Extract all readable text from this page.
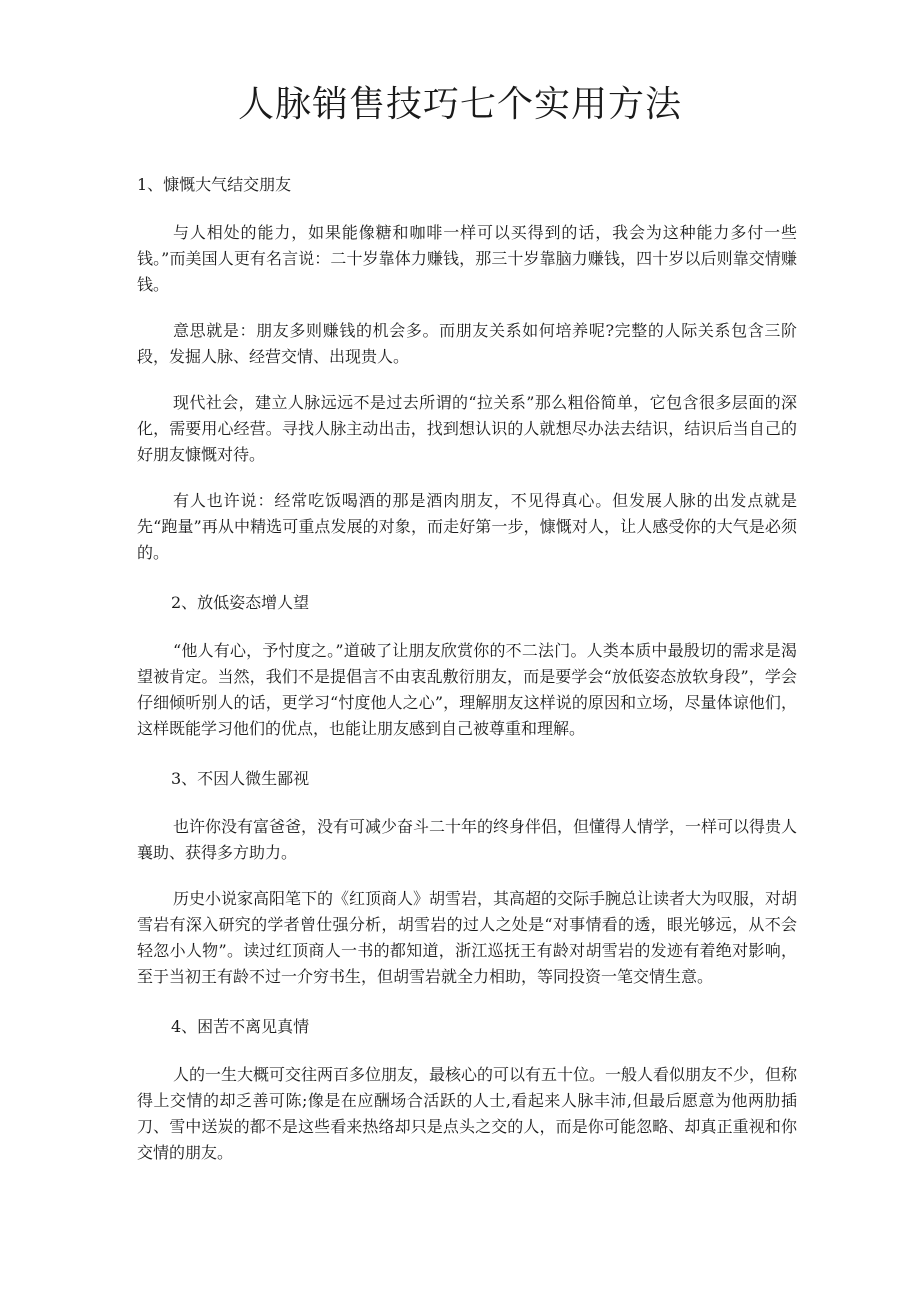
人脉销售技巧七个实用方法

1、慷慨大气结交朋友

与人相处的能力，如果能像糖和咖啡一样可以买得到的话，我会为这种能力多付一些钱。”而美国人更有名言说：二十岁靠体力赚钱，那三十岁靠脑力赚钱，四十岁以后则靠交情赚钱。

意思就是：朋友多则赚钱的机会多。而朋友关系如何培养呢?完整的人际关系包含三阶段，发掘人脉、经营交情、出现贵人。

现代社会，建立人脉远远不是过去所谓的“拉关系”那么粗俗简单，它包含很多层面的深化，需要用心经营。寻找人脉主动出击，找到想认识的人就想尽办法去结识，结识后当自己的好朋友慷慨对待。

有人也许说：经常吃饭喝酒的那是酒肉朋友，不见得真心。但发展人脉的出发点就是先“跑量”再从中精选可重点发展的对象，而走好第一步，慷慨对人，让人感受你的大气是必须的。

2、放低姿态增人望

“他人有心，予忖度之。”道破了让朋友欣赏你的不二法门。人类本质中最殷切的需求是渴望被肯定。当然，我们不是提倡言不由衷乱敷衍朋友，而是要学会“放低姿态放软身段”，学会仔细倾听别人的话，更学习“忖度他人之心”，理解朋友这样说的原因和立场，尽量体谅他们，这样既能学习他们的优点，也能让朋友感到自己被尊重和理解。

3、不因人微生鄙视

也许你没有富爸爸，没有可减少奋斗二十年的终身伴侣，但懂得人情学，一样可以得贵人襄助、获得多方助力。

历史小说家高阳笔下的《红顶商人》胡雪岩，其高超的交际手腕总让读者大为叹服，对胡雪岩有深入研究的学者曾仕强分析，胡雪岩的过人之处是“对事情看的透，眼光够远，从不会轻忽小人物”。读过红顶商人一书的都知道，浙江巡抚王有龄对胡雪岩的发迹有着绝对影响，至于当初王有龄不过一介穷书生，但胡雪岩就全力相助，等同投资一笔交情生意。

4、困苦不离见真情

人的一生大概可交往两百多位朋友，最核心的可以有五十位。一般人看似朋友不少，但称得上交情的却乏善可陈;像是在应酬场合活跃的人士,看起来人脉丰沛,但最后愿意为他两肋插刀、雪中送炭的都不是这些看来热络却只是点头之交的人，而是你可能忽略、却真正重视和你交情的朋友。
